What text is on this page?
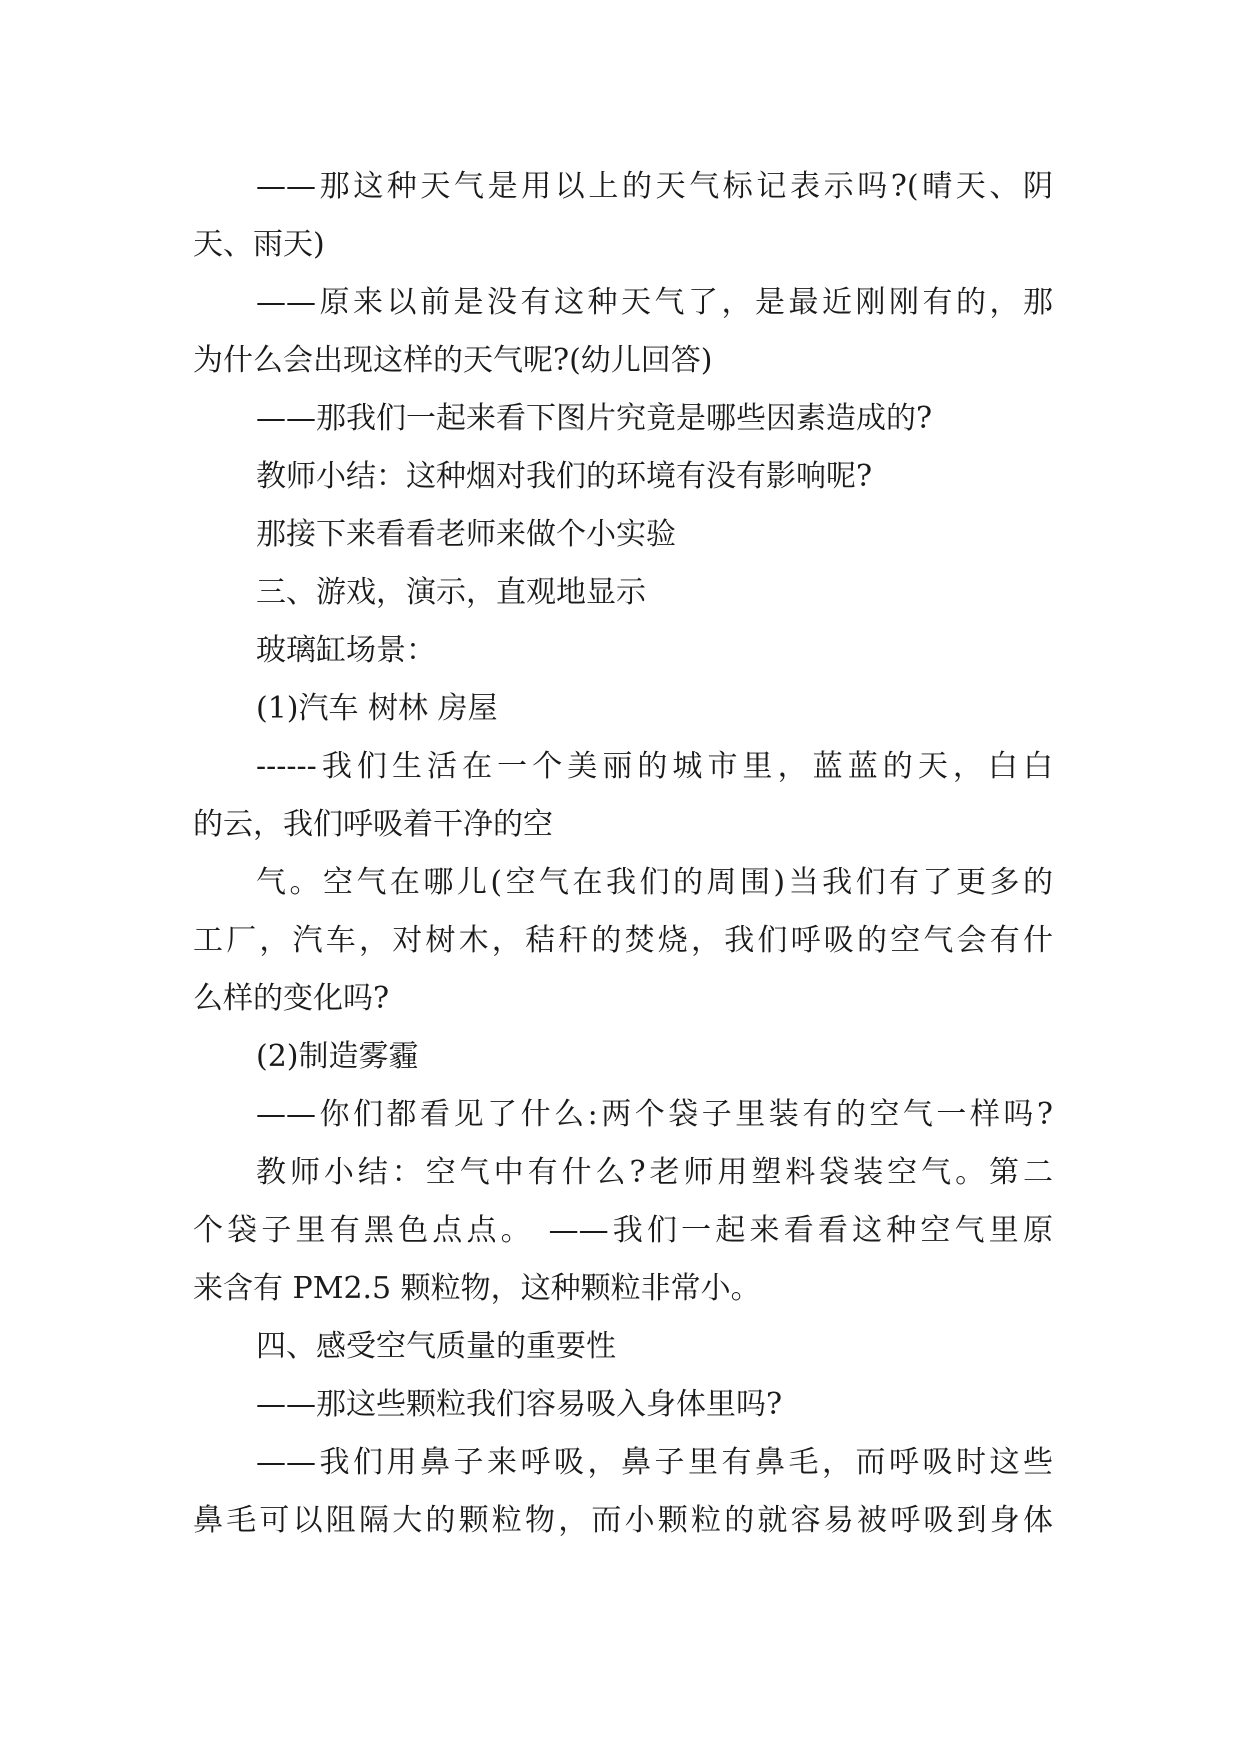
——那这种天气是用以上的天气标记表示吗?(晴天、阴
天、雨天)
——原来以前是没有这种天气了，是最近刚刚有的，那
为什么会出现这样的天气呢?(幼儿回答)
——那我们一起来看下图片究竟是哪些因素造成的?
教师小结：这种烟对我们的环境有没有影响呢?
那接下来看看老师来做个小实验
三、游戏，演示，直观地显示
玻璃缸场景：
(1)汽车 树林 房屋
------我们生活在一个美丽的城市里，蓝蓝的天，白白
的云，我们呼吸着干净的空
气。空气在哪儿(空气在我们的周围)当我们有了更多的
工厂，汽车，对树木，秸秆的焚烧，我们呼吸的空气会有什
么样的变化吗?
(2)制造雾霾
——你们都看见了什么:两个袋子里装有的空气一样吗?
教师小结：空气中有什么?老师用塑料袋装空气。第二
个袋子里有黑色点点。 ——我们一起来看看这种空气里原
来含有 PM2.5 颗粒物，这种颗粒非常小。
四、感受空气质量的重要性
——那这些颗粒我们容易吸入身体里吗?
——我们用鼻子来呼吸，鼻子里有鼻毛，而呼吸时这些
鼻毛可以阻隔大的颗粒物，而小颗粒的就容易被呼吸到身体
